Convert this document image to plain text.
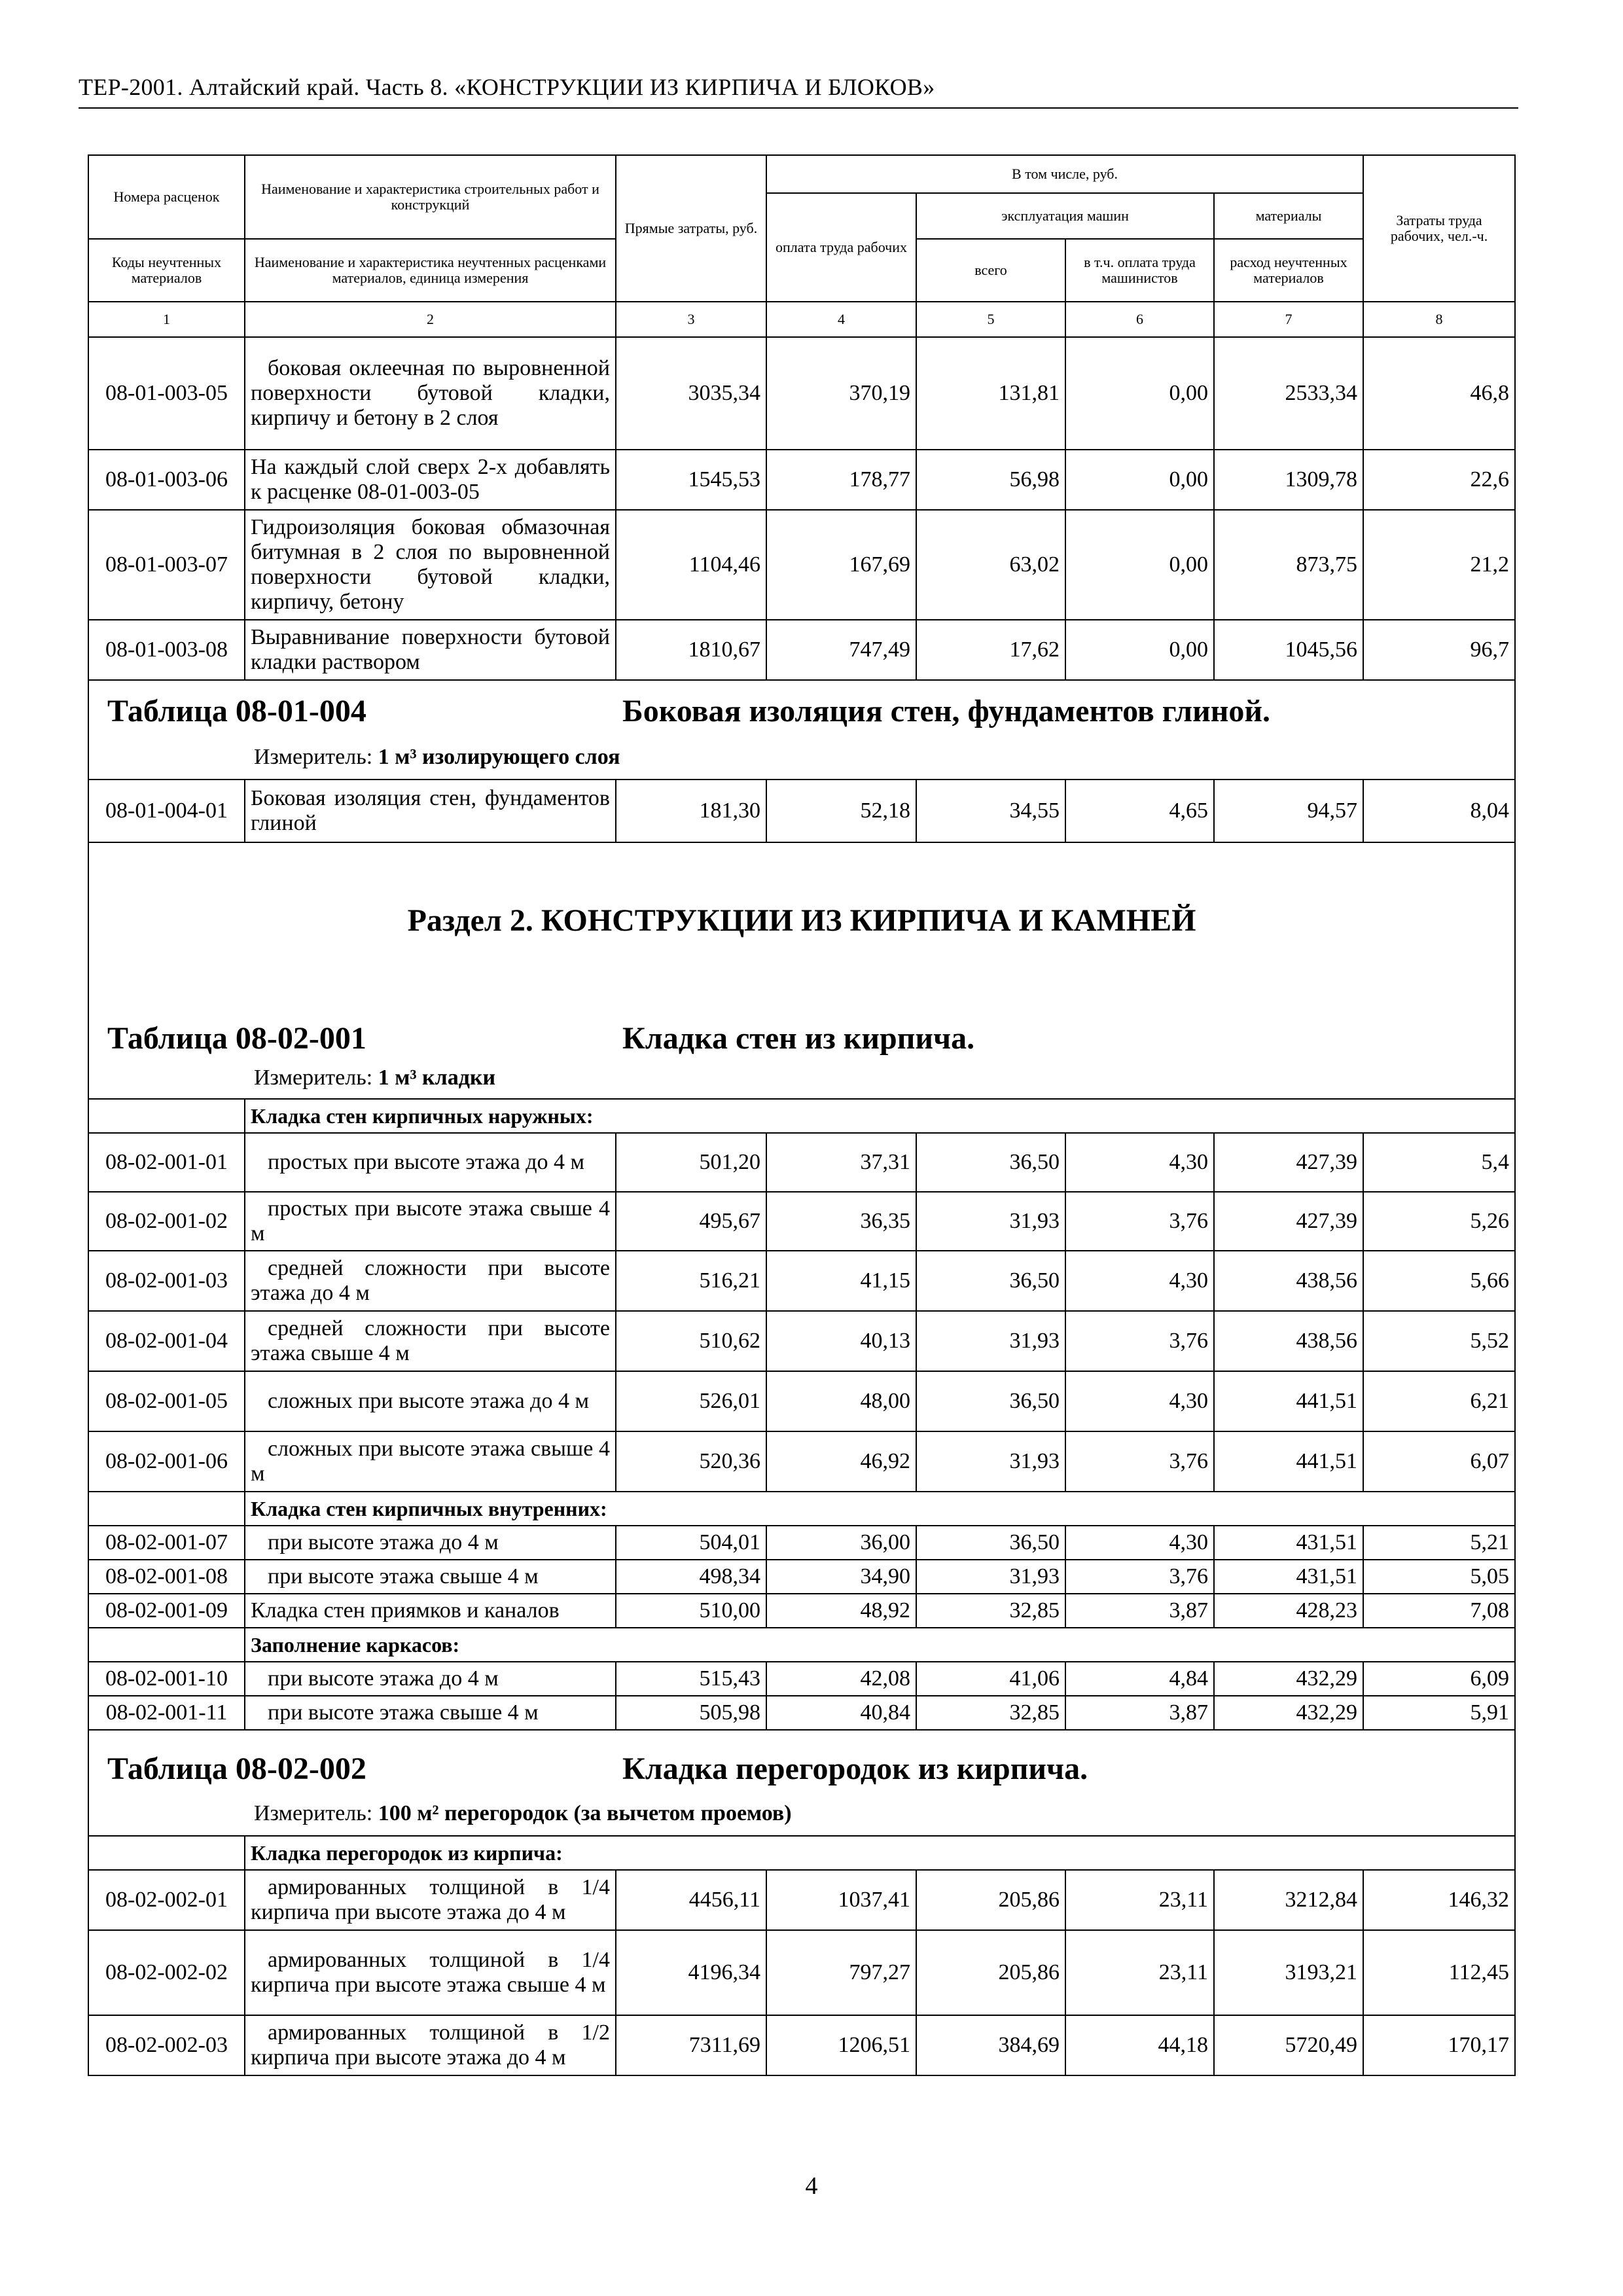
ТЕР-2001. Алтайский край. Часть 8. «КОНСТРУКЦИИ ИЗ КИРПИЧА И БЛОКОВ»
Номера расценок	Наименование и характеристика строительных работ и конструкций	Прямые затраты, руб.	В том числе, руб.				Затраты труда рабочих, чел.-ч.
			оплата труда рабочих	эксплуатация машин		материалы	
Коды неучтенных материалов	Наименование и характеристика неучтенных расценками материалов, единица измерения			всего	в т.ч. оплата труда машинистов	расход неучтенных материалов	
1	2	3	4	5	6	7	8
08-01-003-05	боковая оклеечная по выровненной поверхности бутовой кладки, кирпичу и бетону в 2 слоя	3035,34	370,19	131,81	0,00	2533,34	46,8
08-01-003-06	На каждый слой сверх 2-х добавлять к расценке 08-01-003-05	1545,53	178,77	56,98	0,00	1309,78	22,6
08-01-003-07	Гидроизоляция боковая обмазочная битумная в 2 слоя по выровненной поверхности бутовой кладки, кирпичу, бетону	1104,46	167,69	63,02	0,00	873,75	21,2
08-01-003-08	Выравнивание поверхности бутовой кладки раствором	1810,67	747,49	17,62	0,00	1045,56	96,7

Таблица 08-01-004 Боковая изоляция стен, фундаментов глиной.
Измеритель: 1 м³ изолирующего слоя							

08-01-004-01	Боковая изоляция стен, фундаментов глиной	181,30	52,18	34,55	4,65	94,57	8,04

Раздел 2. КОНСТРУКЦИИ ИЗ КИРПИЧА И КАМНЕЙ
Таблица 08-02-001 Кладка стен из кирпича.
Измеритель: 1 м³ кладки							

	Кладка стен кирпичных наружных:						
08-02-001-01	простых при высоте этажа до 4 м	501,20	37,31	36,50	4,30	427,39	5,4
08-02-001-02	простых при высоте этажа свыше 4 м	495,67	36,35	31,93	3,76	427,39	5,26
08-02-001-03	средней сложности при высоте этажа до 4 м	516,21	41,15	36,50	4,30	438,56	5,66
08-02-001-04	средней сложности при высоте этажа свыше 4 м	510,62	40,13	31,93	3,76	438,56	5,52
08-02-001-05	сложных при высоте этажа до 4 м	526,01	48,00	36,50	4,30	441,51	6,21
08-02-001-06	сложных при высоте этажа свыше 4 м	520,36	46,92	31,93	3,76	441,51	6,07
	Кладка стен кирпичных внутренних:						
08-02-001-07	при высоте этажа до 4 м	504,01	36,00	36,50	4,30	431,51	5,21
08-02-001-08	при высоте этажа свыше 4 м	498,34	34,90	31,93	3,76	431,51	5,05
08-02-001-09	Кладка стен приямков и каналов	510,00	48,92	32,85	3,87	428,23	7,08
	Заполнение каркасов:						
08-02-001-10	при высоте этажа до 4 м	515,43	42,08	41,06	4,84	432,29	6,09
08-02-001-11	при высоте этажа свыше 4 м	505,98	40,84	32,85	3,87	432,29	5,91

Таблица 08-02-002 Кладка перегородок из кирпича.
Измеритель: 100 м² перегородок (за вычетом проемов)							

	Кладка перегородок из кирпича:						
08-02-002-01	армированных толщиной в 1/4 кирпича при высоте этажа до 4 м	4456,11	1037,41	205,86	23,11	3212,84	146,32
08-02-002-02	армированных толщиной в 1/4 кирпича при высоте этажа свыше 4 м	4196,34	797,27	205,86	23,11	3193,21	112,45
08-02-002-03	армированных толщиной в 1/2 кирпича при высоте этажа до 4 м	7311,69	1206,51	384,69	44,18	5720,49	170,17
4
